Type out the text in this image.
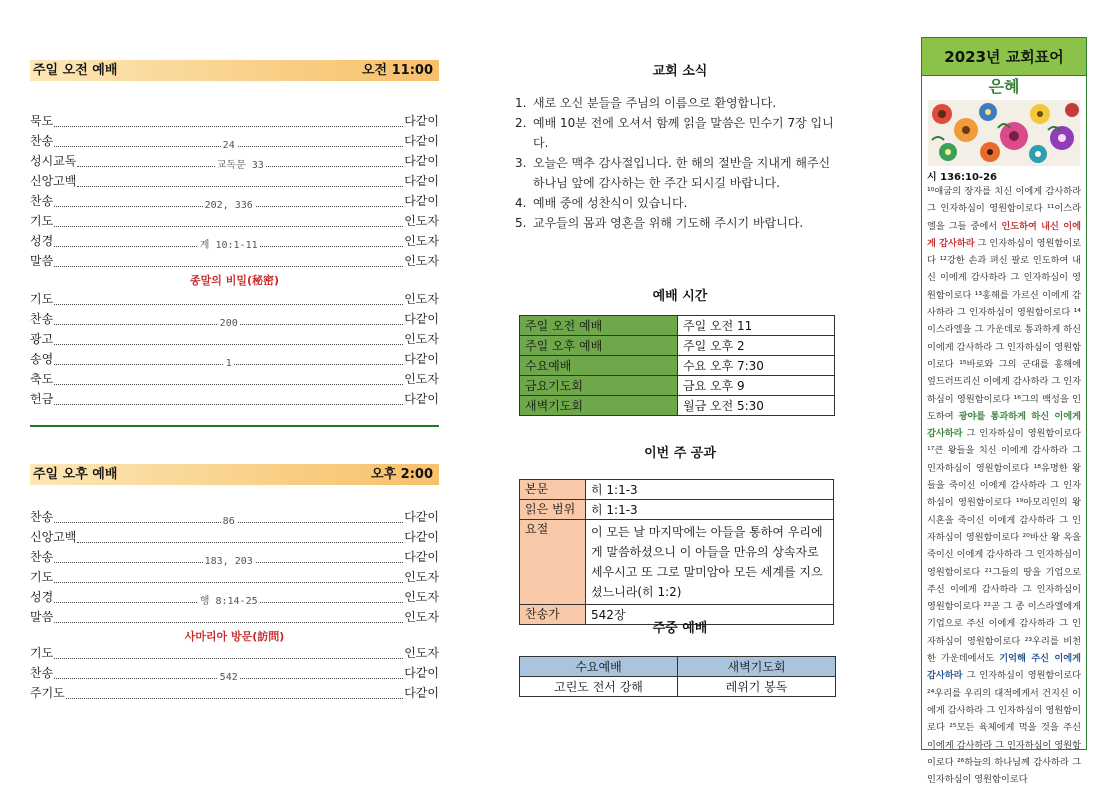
주일 오전 예배	오전 11:00
묵도	다같이
찬송	24	다같이
성시교독	교독문 33	다같이
신앙고백	다같이
찬송	202, 336	다같이
기도	인도자
성경	계 10:1-11	인도자
말씀	인도자
종말의 비밀(秘密)
기도	인도자
찬송	200	다같이
광고	인도자
송영	1	다같이
축도	인도자
헌금	다같이
주일 오후 예배	오후 2:00
찬송	86	다같이
신앙고백	다같이
찬송	183, 203	다같이
기도	인도자
성경	행 8:14-25	인도자
말씀	인도자
사마리아 방문(訪問)
기도	인도자
찬송	542	다같이
주기도	다같이
교회 소식
1. 새로 오신 분들을 주님의 이름으로 환영합니다.
2. 예배 10분 전에 오셔서 함께 읽을 말씀은 민수기 7장 입니다.
3. 오늘은 맥추 감사절입니다. 한 해의 절반을 지내게 해주신 하나님 앞에 감사하는 한 주간 되시길 바랍니다.
4. 예배 중에 성찬식이 있습니다.
5. 교우들의 몸과 영혼을 위해 기도해 주시기 바랍니다.
예배 시간
주일 오전 예배	주일 오전 11
주일 오후 예배	주일 오후 2
수요예배	수요 오후 7:30
금요기도회	금요 오후 9
새벽기도회	월금 오전 5:30
이번 주 공과
본문	히 1:1-3
읽은 범위	히 1:1-3
요절	이 모든 날 마지막에는 아들을 통하여 우리에게 말씀하셨으니 이 아들을 만유의 상속자로 세우시고 또 그로 말미암아 모든 세계를 지으셨느니라(히 1:2)
찬송가	542장
주중 예배
수요예배	새벽기도회
고린도 전서 강해	레위기 봉독
2023년 교회표어
은혜
시 136:10-26
¹⁰애굽의 장자를 치신 이에게 감사하라 그 인자하심이 영원함이로다 ¹¹이스라엘을 그들 중에서 인도하여 내신 이에게 감사하라 그 인자하심이 영원함이로다 ¹²강한 손과 펴신 팔로 인도하여 내신 이에게 감사하라 그 인자하심이 영원함이로다 ¹³홍해를 가르신 이에게 감사하라 그 인자하심이 영원함이로다 ¹⁴이스라엘을 그 가운데로 통과하게 하신 이에게 감사하라 그 인자하심이 영원함이로다 ¹⁵바로와 그의 군대를 홍해에 엎드러뜨리신 이에게 감사하라 그 인자하심이 영원함이로다 ¹⁶그의 백성을 인도하여 광야를 통과하게 하신 이에게 감사하라 그 인자하심이 영원함이로다 ¹⁷큰 왕들을 치신 이에게 감사하라 그 인자하심이 영원함이로다 ¹⁸유명한 왕들을 죽이신 이에게 감사하라 그 인자하심이 영원함이로다 ¹⁹아모리인의 왕 시혼을 죽이신 이에게 감사하라 그 인자하심이 영원함이로다 ²⁰바산 왕 옥을 죽이신 이에게 감사하라 그 인자하심이 영원함이로다 ²¹그들의 땅을 기업으로 주신 이에게 감사하라 그 인자하심이 영원함이로다 ²²곧 그 종 이스라엘에게 기업으로 주신 이에게 감사하라 그 인자하심이 영원함이로다 ²³우리를 비천한 가운데에서도 기억해 주신 이에게 감사하라 그 인자하심이 영원함이로다 ²⁴우리를 우리의 대적에게서 건지신 이에게 감사하라 그 인자하심이 영원함이로다 ²⁵모든 육체에게 먹을 것을 주신 이에게 감사하라 그 인자하심이 영원함이로다 ²⁶하늘의 하나님께 감사하라 그 인자하심이 영원함이로다
